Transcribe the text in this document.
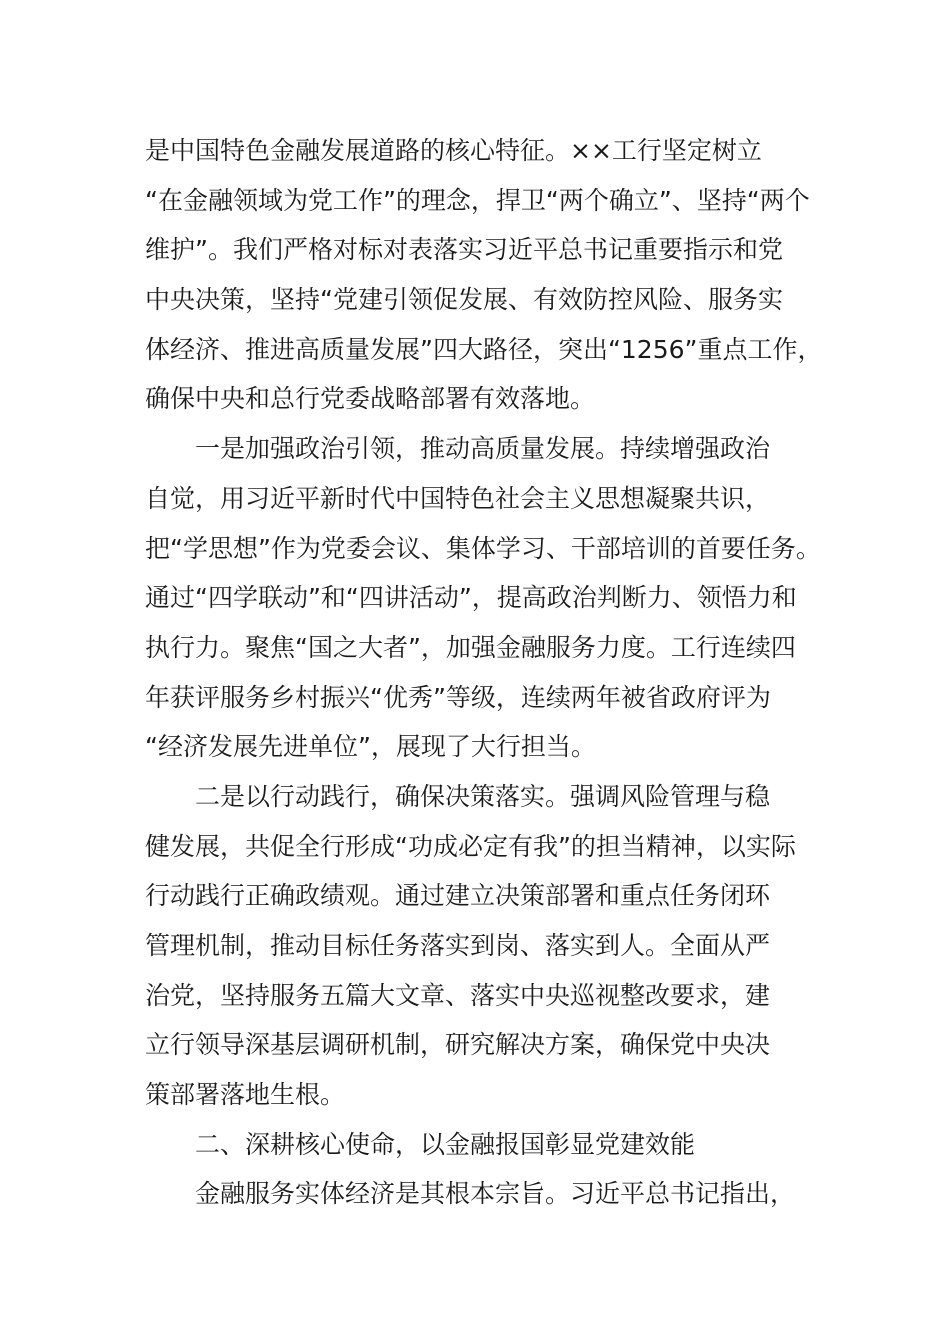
是中国特色金融发展道路的核心特征。××工行坚定树立
“在金融领域为党工作”的理念，捍卫“两个确立”、坚持“两个
维护”。我们严格对标对表落实习近平总书记重要指示和党
中央决策，坚持“党建引领促发展、有效防控风险、服务实
体经济、推进高质量发展”四大路径，突出“1256”重点工作，
确保中央和总行党委战略部署有效落地。
一是加强政治引领，推动高质量发展。持续增强政治
自觉，用习近平新时代中国特色社会主义思想凝聚共识，
把“学思想”作为党委会议、集体学习、干部培训的首要任务。
通过“四学联动”和“四讲活动”，提高政治判断力、领悟力和
执行力。聚焦“国之大者”，加强金融服务力度。工行连续四
年获评服务乡村振兴“优秀”等级，连续两年被省政府评为
“经济发展先进单位”，展现了大行担当。
二是以行动践行，确保决策落实。强调风险管理与稳
健发展，共促全行形成“功成必定有我”的担当精神，以实际
行动践行正确政绩观。通过建立决策部署和重点任务闭环
管理机制，推动目标任务落实到岗、落实到人。全面从严
治党，坚持服务五篇大文章、落实中央巡视整改要求，建
立行领导深基层调研机制，研究解决方案，确保党中央决
策部署落地生根。
二、深耕核心使命，以金融报国彰显党建效能
金融服务实体经济是其根本宗旨。习近平总书记指出，
